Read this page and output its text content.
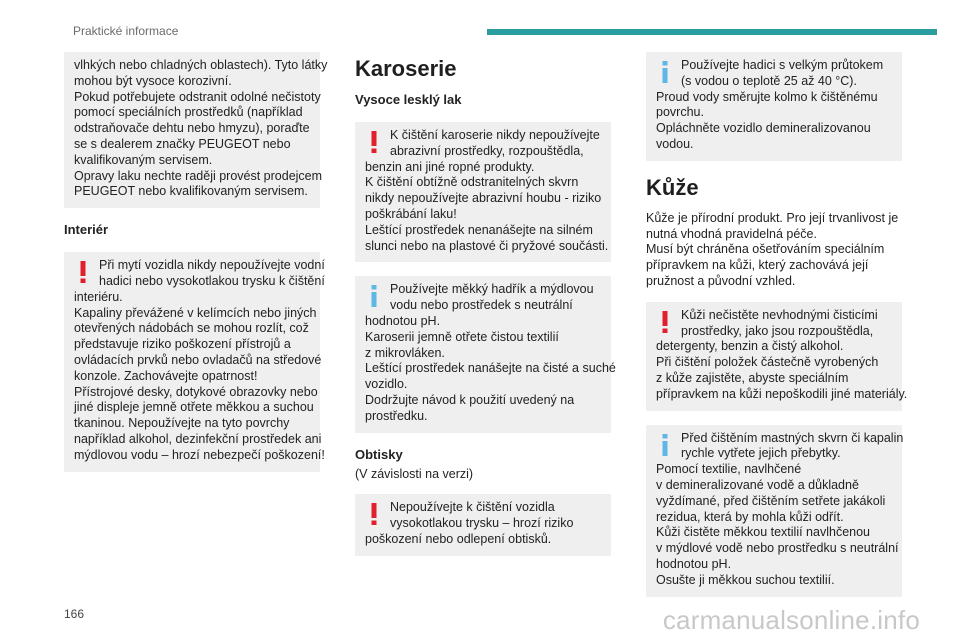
Praktické informace
vlhkých nebo chladných oblastech). Tyto látky
mohou být vysoce korozivní.
Pokud potřebujete odstranit odolné nečistoty
pomocí speciálních prostředků (například
odstraňovače dehtu nebo hmyzu), poraďte
se s dealerem značky PEUGEOT nebo
kvalifikovaným servisem.
Opravy laku nechte raději provést prodejcem
PEUGEOT nebo kvalifikovaným servisem.
Interiér
Při mytí vozidla nikdy nepoužívejte vodní
hadici nebo vysokotlakou trysku k čištění
interiéru.
Kapaliny převážené v kelímcích nebo jiných
otevřených nádobách se mohou rozlít, což
představuje riziko poškození přístrojů a
ovládacích prvků nebo ovladačů na středové
konzole. Zachovávejte opatrnost!
Přístrojové desky, dotykové obrazovky nebo
jiné displeje jemně otřete měkkou a suchou
tkaninou. Nepoužívejte na tyto povrchy
například alkohol, dezinfekční prostředek ani
mýdlovou vodu – hrozí nebezpečí poškození!
Karoserie
Vysoce lesklý lak
K čištění karoserie nikdy nepoužívejte
abrazivní prostředky, rozpouštědla,
benzin ani jiné ropné produkty.
K čištění obtížně odstranitelných skvrn
nikdy nepoužívejte abrazivní houbu - riziko
poškrábání laku!
Leštící prostředek nenanášejte na silném
slunci nebo na plastové či pryžové součásti.
Používejte měkký hadřík a mýdlovou
vodu nebo prostředek s neutrální
hodnotou pH.
Karoserii jemně otřete čistou textilií
z mikrovláken.
Leštící prostředek nanášejte na čisté a suché
vozidlo.
Dodržujte návod k použití uvedený na
prostředku.
Obtisky

(V závislosti na verzi)

Nepoužívejte k čištění vozidla
vysokotlakou trysku – hrozí riziko
poškození nebo odlepení obtisků.
Používejte hadici s velkým průtokem
(s vodou o teplotě 25 až 40 °C).
Proud vody směrujte kolmo k čištěnému
povrchu.
Opláchněte vozidlo demineralizovanou
vodou.
Kůže

Kůže je přírodní produkt. Pro její trvanlivost je
nutná vhodná pravidelná péče.
Musí být chráněna ošetřováním speciálním
přípravkem na kůži, který zachovává její
pružnost a původní vzhled.

Kůži nečistěte nevhodnými čisticími
prostředky, jako jsou rozpouštědla,
detergenty, benzin a čistý alkohol.
Při čištění položek částečně vyrobených
z kůže zajistěte, abyste speciálním
přípravkem na kůži nepoškodili jiné materiály.
Před čištěním mastných skvrn či kapalin
rychle vytřete jejich přebytky.
Pomocí textilie, navlhčené
v demineralizované vodě a důkladně
vyždímané, před čištěním setřete jakákoli
rezidua, která by mohla kůži odřít.
Kůži čistěte měkkou textilií navlhčenou
v mýdlové vodě nebo prostředku s neutrální
hodnotou pH.
Osušte ji měkkou suchou textilií.
166	carmanualsonline.info
